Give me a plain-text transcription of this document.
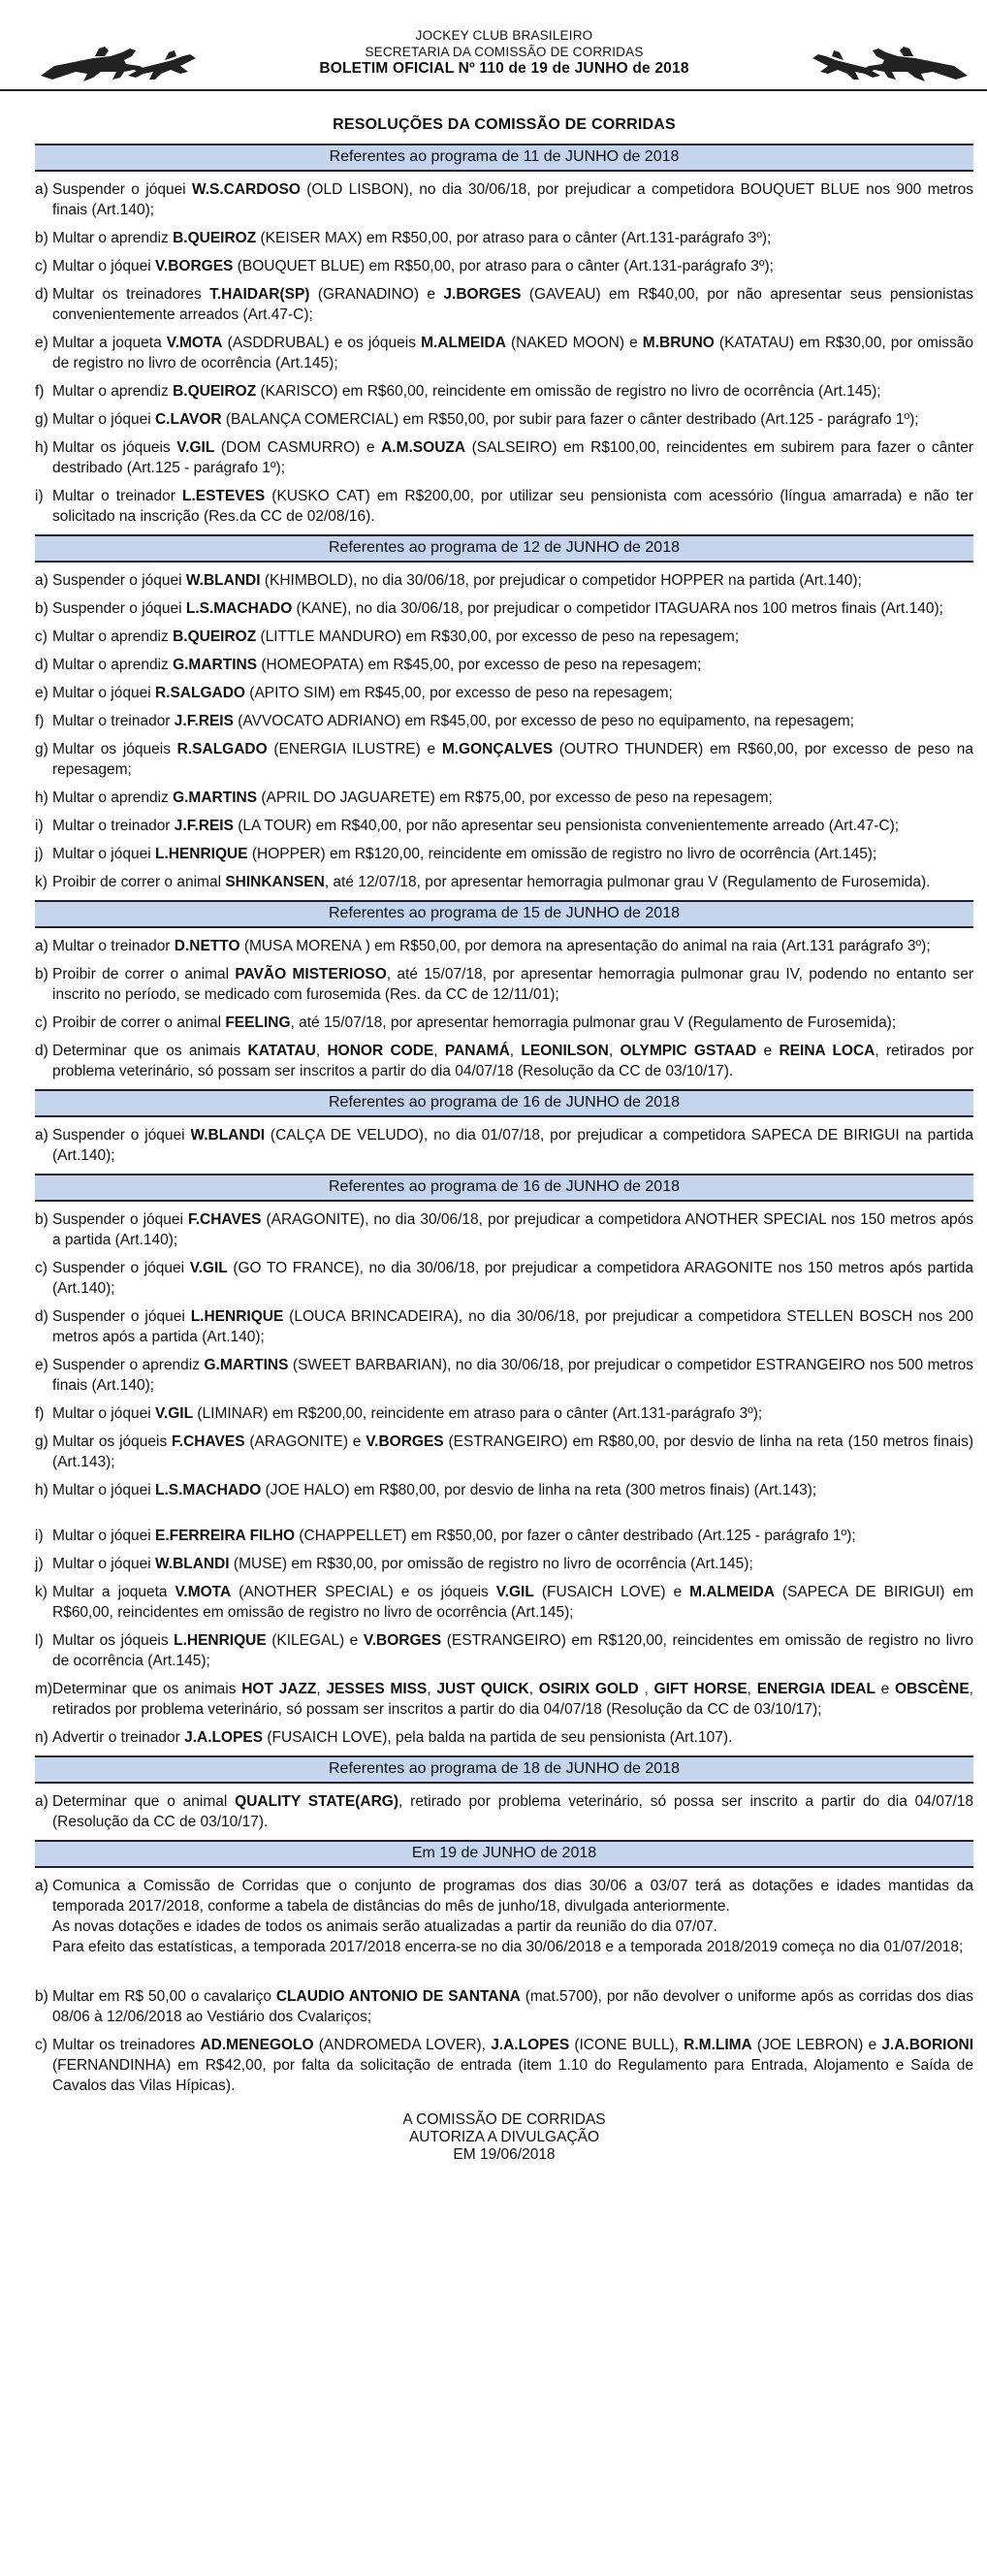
JOCKEY CLUB BRASILEIRO
SECRETARIA DA COMISSÃO DE CORRIDAS
BOLETIM OFICIAL Nº 110 de 19 de JUNHO de 2018
RESOLUÇÕES DA COMISSÃO DE CORRIDAS
Referentes ao programa de 11 de JUNHO de 2018
a) Suspender o jóquei W.S.CARDOSO (OLD LISBON), no dia 30/06/18, por prejudicar a competidora BOUQUET BLUE nos 900 metros finais (Art.140);
b) Multar o aprendiz B.QUEIROZ (KEISER MAX) em R$50,00, por atraso para o cânter (Art.131-parágrafo 3º);
c) Multar o jóquei V.BORGES (BOUQUET BLUE) em R$50,00, por atraso para o cânter (Art.131-parágrafo 3º);
d) Multar os treinadores T.HAIDAR(SP) (GRANADINO) e J.BORGES (GAVEAU) em R$40,00, por não apresentar seus pensionistas convenientemente arreados (Art.47-C);
e) Multar a joqueta V.MOTA (ASDDRUBAL) e os jóqueis M.ALMEIDA (NAKED MOON) e M.BRUNO (KATATAU) em R$30,00, por omissão de registro no livro de ocorrência (Art.145);
f) Multar o aprendiz B.QUEIROZ (KARISCO) em R$60,00, reincidente em omissão de registro no livro de ocorrência (Art.145);
g) Multar o jóquei C.LAVOR (BALANÇA COMERCIAL) em R$50,00, por subir para fazer o cânter destribado (Art.125 - parágrafo 1º);
h) Multar os jóqueis V.GIL (DOM CASMURRO) e A.M.SOUZA (SALSEIRO) em R$100,00, reincidentes em subirem para fazer o cânter destribado (Art.125 - parágrafo 1º);
i) Multar o treinador L.ESTEVES (KUSKO CAT) em R$200,00, por utilizar seu pensionista com acessório (língua amarrada) e não ter solicitado na inscrição (Res.da CC de 02/08/16).
Referentes ao programa de 12 de JUNHO de 2018
a) Suspender o jóquei W.BLANDI (KHIMBOLD), no dia 30/06/18, por prejudicar o competidor HOPPER na partida (Art.140);
b) Suspender o jóquei L.S.MACHADO (KANE), no dia 30/06/18, por prejudicar o competidor ITAGUARA nos 100 metros finais (Art.140);
c) Multar o aprendiz B.QUEIROZ (LITTLE MANDURO) em R$30,00, por excesso de peso na repesagem;
d) Multar o aprendiz G.MARTINS (HOMEOPATA) em R$45,00, por excesso de peso na repesagem;
e) Multar o jóquei R.SALGADO (APITO SIM) em R$45,00, por excesso de peso na repesagem;
f) Multar o treinador J.F.REIS (AVVOCATO ADRIANO) em R$45,00, por excesso de peso no equipamento, na repesagem;
g) Multar os jóqueis R.SALGADO (ENERGIA ILUSTRE) e M.GONÇALVES (OUTRO THUNDER) em R$60,00, por excesso de peso na repesagem;
h) Multar o aprendiz G.MARTINS (APRIL DO JAGUARETE) em R$75,00, por excesso de peso na repesagem;
i) Multar o treinador J.F.REIS (LA TOUR) em R$40,00, por não apresentar seu pensionista convenientemente arreado (Art.47-C);
j) Multar o jóquei L.HENRIQUE (HOPPER) em R$120,00, reincidente em omissão de registro no livro de ocorrência (Art.145);
k) Proibir de correr o animal SHINKANSEN, até 12/07/18, por apresentar hemorragia pulmonar grau V (Regulamento de Furosemida).
Referentes ao programa de 15 de JUNHO de 2018
a) Multar o treinador D.NETTO (MUSA MORENA ) em R$50,00, por demora na apresentação do animal na raia (Art.131 parágrafo 3º);
b) Proibir de correr o animal PAVÃO MISTERIOSO, até 15/07/18, por apresentar hemorragia pulmonar grau IV, podendo no entanto ser inscrito no período, se medicado com furosemida (Res. da CC de 12/11/01);
c) Proibir de correr o animal FEELING, até 15/07/18, por apresentar hemorragia pulmonar grau V (Regulamento de Furosemida);
d) Determinar que os animais KATATAU, HONOR CODE, PANAMÁ, LEONILSON, OLYMPIC GSTAAD e REINA LOCA, retirados por problema veterinário, só possam ser inscritos a partir do dia 04/07/18 (Resolução da CC de 03/10/17).
Referentes ao programa de 16 de JUNHO de 2018
a) Suspender o jóquei W.BLANDI (CALÇA DE VELUDO), no dia 01/07/18, por prejudicar a competidora SAPECA DE BIRIGUI na partida (Art.140);
Referentes ao programa de 16 de JUNHO de 2018
b) Suspender o jóquei F.CHAVES (ARAGONITE), no dia 30/06/18, por prejudicar a competidora ANOTHER SPECIAL nos 150 metros após a partida (Art.140);
c) Suspender o jóquei V.GIL (GO TO FRANCE), no dia 30/06/18, por prejudicar a competidora ARAGONITE nos 150 metros após partida (Art.140);
d) Suspender o jóquei L.HENRIQUE (LOUCA BRINCADEIRA), no dia 30/06/18, por prejudicar a competidora STELLEN BOSCH nos 200 metros após a partida (Art.140);
e) Suspender o aprendiz G.MARTINS (SWEET BARBARIAN), no dia 30/06/18, por prejudicar o competidor ESTRANGEIRO nos 500 metros finais (Art.140);
f) Multar o jóquei V.GIL (LIMINAR) em R$200,00, reincidente em atraso para o cânter (Art.131-parágrafo 3º);
g) Multar os jóqueis F.CHAVES (ARAGONITE) e V.BORGES (ESTRANGEIRO) em R$80,00, por desvio de linha na reta (150 metros finais) (Art.143);
h) Multar o jóquei L.S.MACHADO (JOE HALO) em R$80,00, por desvio de linha na reta (300 metros finais) (Art.143);
i) Multar o jóquei E.FERREIRA FILHO (CHAPPELLET) em R$50,00, por fazer o cânter destribado (Art.125 - parágrafo 1º);
j) Multar o jóquei W.BLANDI (MUSE) em R$30,00, por omissão de registro no livro de ocorrência (Art.145);
k) Multar a joqueta V.MOTA (ANOTHER SPECIAL) e os jóqueis V.GIL (FUSAICH LOVE) e M.ALMEIDA (SAPECA DE BIRIGUI) em R$60,00, reincidentes em omissão de registro no livro de ocorrência (Art.145);
l) Multar os jóqueis L.HENRIQUE (KILEGAL) e V.BORGES (ESTRANGEIRO) em R$120,00, reincidentes em omissão de registro no livro de ocorrência (Art.145);
m) Determinar que os animais HOT JAZZ, JESSES MISS, JUST QUICK, OSIRIX GOLD , GIFT HORSE, ENERGIA IDEAL e OBSCÈNE, retirados por problema veterinário, só possam ser inscritos a partir do dia 04/07/18 (Resolução da CC de 03/10/17);
n) Advertir o treinador J.A.LOPES (FUSAICH LOVE), pela balda na partida de seu pensionista (Art.107).
Referentes ao programa de 18 de JUNHO de 2018
a) Determinar que o animal QUALITY STATE(ARG), retirado por problema veterinário, só possa ser inscrito a partir do dia 04/07/18 (Resolução da CC de 03/10/17).
Em 19 de JUNHO de 2018
a) Comunica a Comissão de Corridas que o conjunto de programas dos dias 30/06 a 03/07 terá as dotações e idades mantidas da temporada 2017/2018, conforme a tabela de distâncias do mês de junho/18, divulgada anteriormente.
As novas dotações e idades de todos os animais serão atualizadas a partir da reunião do dia 07/07.
Para efeito das estatísticas, a temporada 2017/2018 encerra-se no dia 30/06/2018 e a temporada 2018/2019 começa no dia 01/07/2018;
b) Multar em R$ 50,00 o cavalariço CLAUDIO ANTONIO DE SANTANA (mat.5700), por não devolver o uniforme após as corridas dos dias 08/06 à 12/06/2018 ao Vestiário dos Cvalariços;
c) Multar os treinadores AD.MENEGOLO (ANDROMEDA LOVER), J.A.LOPES (ICONE BULL), R.M.LIMA (JOE LEBRON) e J.A.BORIONI (FERNANDINHA) em R$42,00, por falta da solicitação de entrada (item 1.10 do Regulamento para Entrada, Alojamento e Saída de Cavalos das Vilas Hípicas).
A COMISSÃO DE CORRIDAS
AUTORIZA A DIVULGAÇÃO
EM 19/06/2018
